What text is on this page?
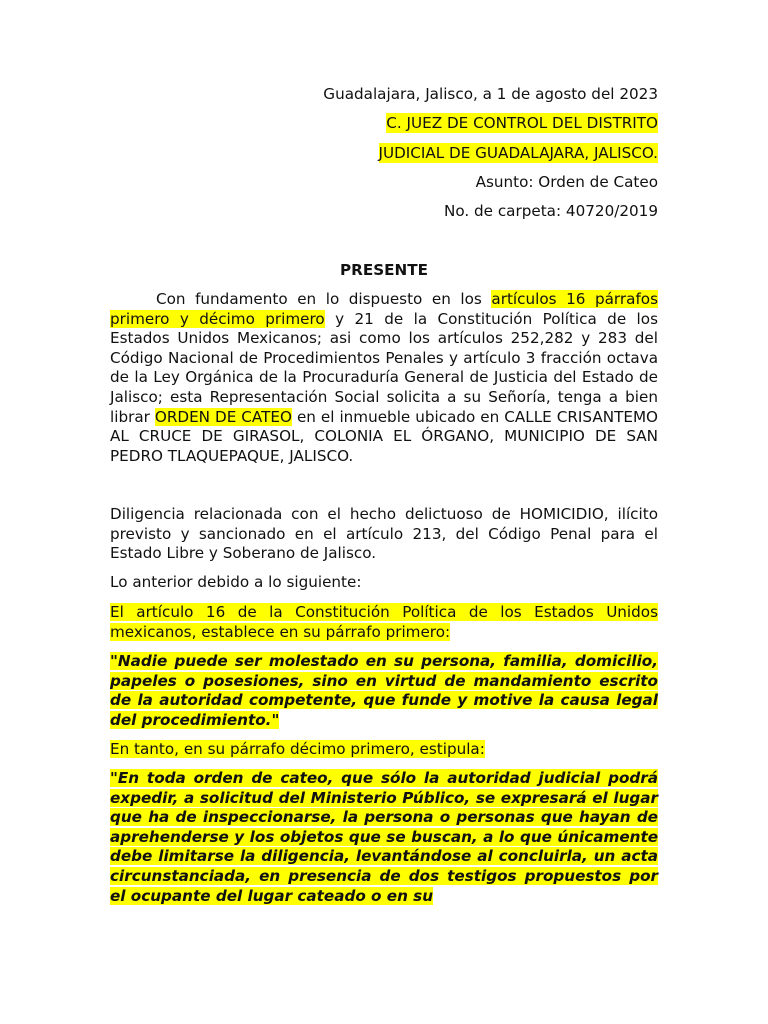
Guadalajara, Jalisco, a 1 de agosto del 2023
C. JUEZ DE CONTROL DEL DISTRITO
JUDICIAL DE GUADALAJARA, JALISCO.
Asunto: Orden de Cateo
No. de carpeta: 40720/2019
PRESENTE
Con fundamento en lo dispuesto en los artículos 16 párrafos primero y décimo primero y 21 de la Constitución Política de los Estados Unidos Mexicanos; asi como los artículos 252,282 y 283 del Código Nacional de Procedimientos Penales y artículo 3 fracción octava de la Ley Orgánica de la Procuraduría General de Justicia del Estado de Jalisco; esta Representación Social solicita a su Señoría, tenga a bien librar ORDEN DE CATEO en el inmueble ubicado en CALLE CRISANTEMO AL CRUCE DE GIRASOL, COLONIA EL ÓRGANO, MUNICIPIO DE SAN PEDRO TLAQUEPAQUE, JALISCO.
Diligencia relacionada con el hecho delictuoso de HOMICIDIO, ilícito previsto y sancionado en el artículo 213, del Código Penal para el Estado Libre y Soberano de Jalisco.
Lo anterior debido a lo siguiente:
El artículo 16 de la Constitución Política de los Estados Unidos mexicanos, establece en su párrafo primero:
"Nadie puede ser molestado en su persona, familia, domicilio, papeles o posesiones, sino en virtud de mandamiento escrito de la autoridad competente, que funde y motive la causa legal del procedimiento."
En tanto, en su párrafo décimo primero, estipula:
"En toda orden de cateo, que sólo la autoridad judicial podrá expedir, a solicitud del Ministerio Público, se expresará el lugar que ha de inspeccionarse, la persona o personas que hayan de aprehenderse y los objetos que se buscan, a lo que únicamente debe limitarse la diligencia, levantándose al concluirla, un acta circunstanciada, en presencia de dos testigos propuestos por el ocupante del lugar cateado o en su
